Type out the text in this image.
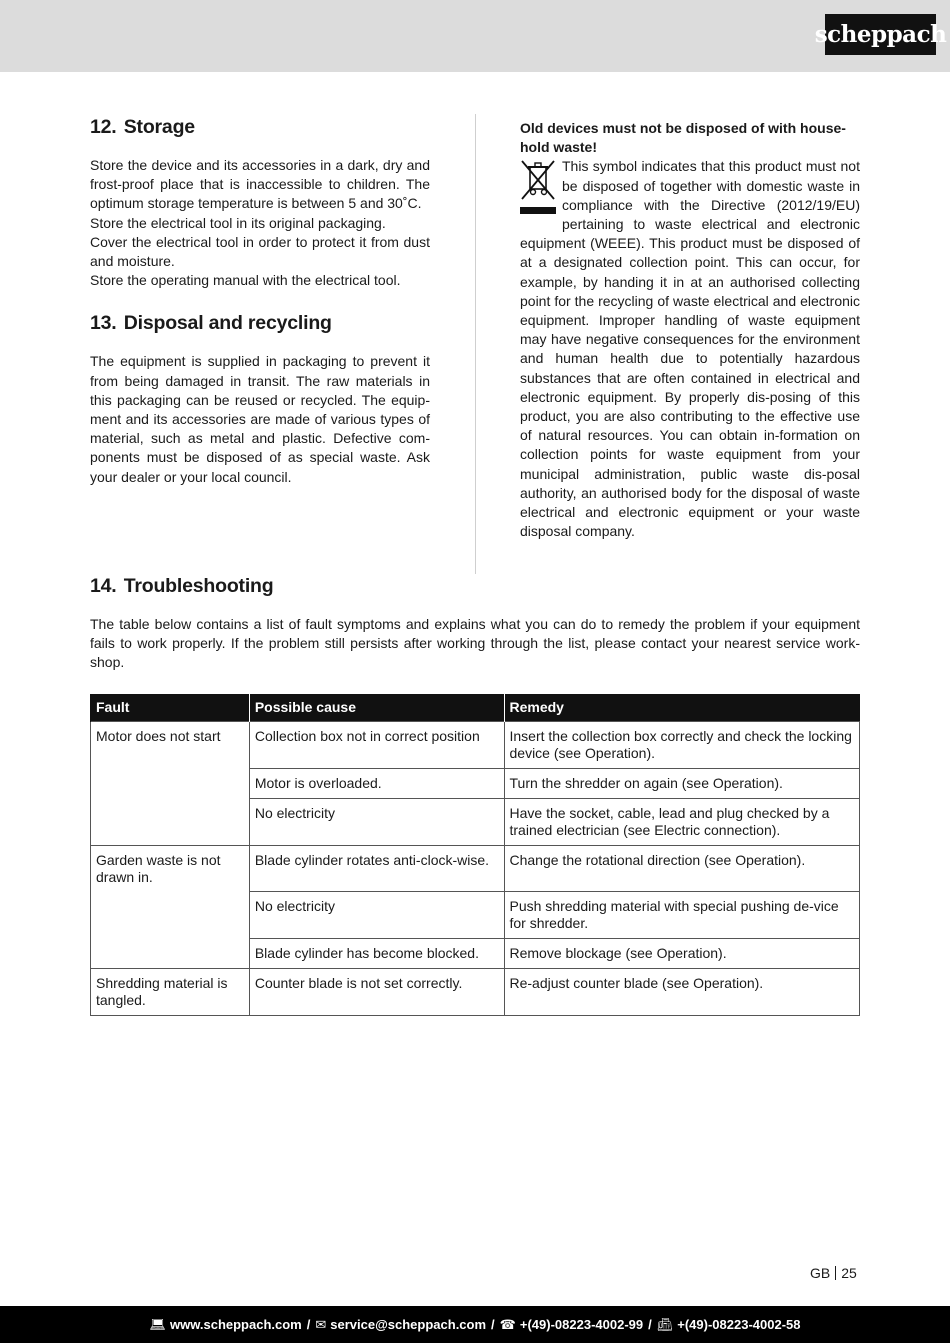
scheppach
12. Storage

Store the device and its accessories in a dark, dry and frost-proof place that is inaccessible to children. The optimum storage temperature is between 5 and 30˚C.

Store the electrical tool in its original packaging.

Cover the electrical tool in order to protect it from dust and moisture.

Store the operating manual with the electrical tool.

13. Disposal and recycling

The equipment is supplied in packaging to prevent it from being damaged in transit. The raw materials in this packaging can be reused or recycled. The equip-ment and its accessories are made of various types of material, such as metal and plastic. Defective com-ponents must be disposed of as special waste. Ask your dealer or your local council.

Old devices must not be disposed of with house-hold waste!

This symbol indicates that this product must not be disposed of together with domestic waste in compliance with the Directive (2012/19/EU) pertaining to waste electrical and electronic equipment (WEEE). This product must be disposed of at a designated collection point. This can occur, for example, by handing it in at an authorised collecting point for the recycling of waste electrical and electronic equipment. Improper handling of waste equipment may have negative consequences for the environment and human health due to potentially hazardous substances that are often contained in electrical and electronic equipment. By properly dis-posing of this product, you are also contributing to the effective use of natural resources. You can obtain in-formation on collection points for waste equipment from your municipal administration, public waste dis-posal authority, an authorised body for the disposal of waste electrical and electronic equipment or your waste disposal company.

14. Troubleshooting

The table below contains a list of fault symptoms and explains what you can do to remedy the problem if your equipment fails to work properly. If the problem still persists after working through the list, please contact your nearest service work-shop.

Fault	Possible cause	Remedy
Motor does not start	Collection box not in correct position	Insert the collection box correctly and check the locking device (see Operation).
	Motor is overloaded.	Turn the shredder on again (see Operation).
	No electricity	Have the socket, cable, lead and plug checked by a trained electrician (see Electric connection).
Garden waste is not drawn in.	Blade cylinder rotates anti-clock-wise.	Change the rotational direction (see Operation).
	No electricity	Push shredding material with special pushing de-vice for shredder.
	Blade cylinder has become blocked.	Remove blockage (see Operation).
Shredding material is tangled.	Counter blade is not set correctly.	Re-adjust counter blade (see Operation).
GB 25
💻︎ www.scheppach.com / ✉︎ service@scheppach.com / ☎︎ +(49)-08223-4002-99 / 📠︎ +(49)-08223-4002-58
